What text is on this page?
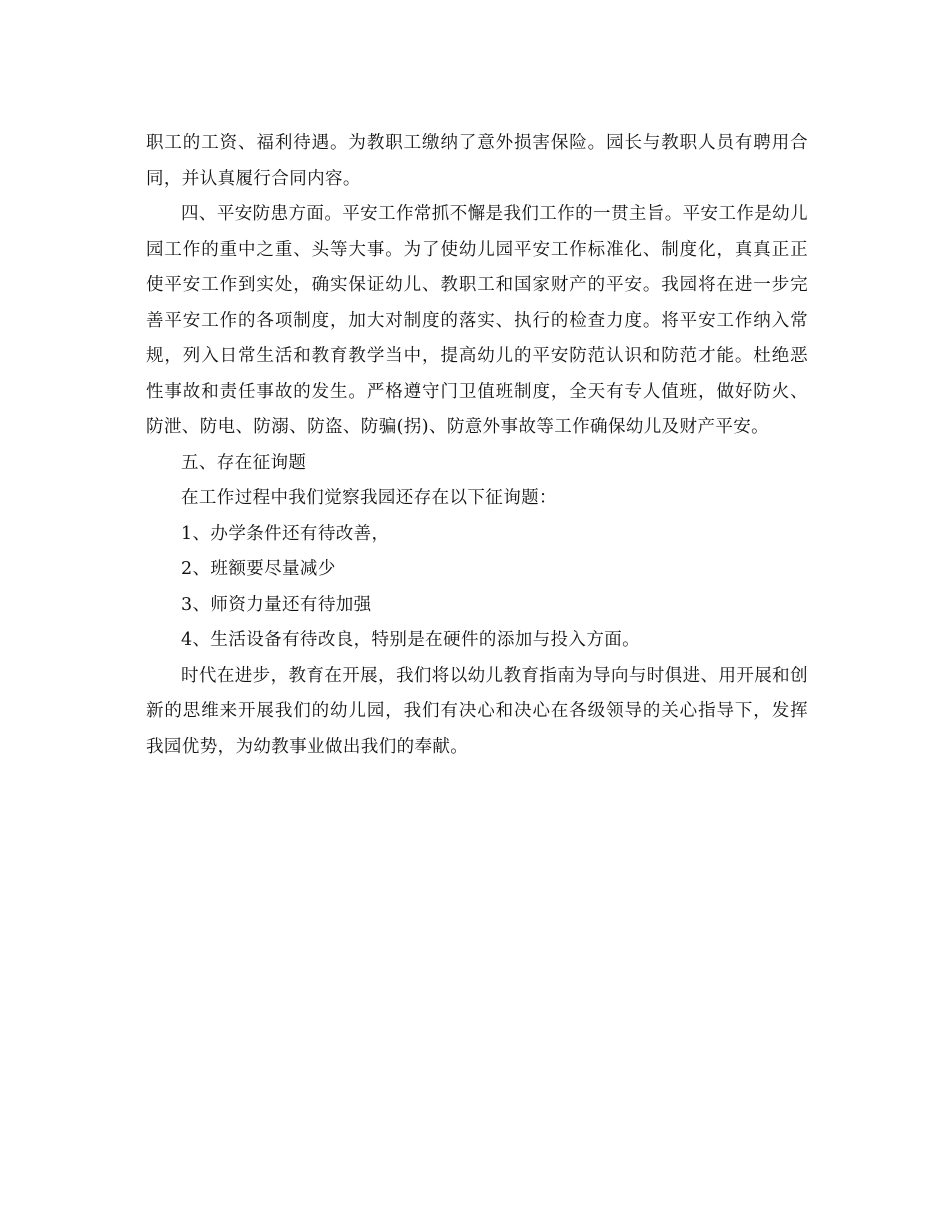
职工的工资、福利待遇。为教职工缴纳了意外损害保险。园长与教职人员有聘用合同，并认真履行合同内容。

四、平安防患方面。平安工作常抓不懈是我们工作的一贯主旨。平安工作是幼儿园工作的重中之重、头等大事。为了使幼儿园平安工作标准化、制度化，真真正正使平安工作到实处，确实保证幼儿、教职工和国家财产的平安。我园将在进一步完善平安工作的各项制度，加大对制度的落实、执行的检查力度。将平安工作纳入常规，列入日常生活和教育教学当中，提高幼儿的平安防范认识和防范才能。杜绝恶性事故和责任事故的发生。严格遵守门卫值班制度，全天有专人值班，做好防火、防泄、防电、防溺、防盗、防骗(拐)、防意外事故等工作确保幼儿及财产平安。

五、存在征询题

在工作过程中我们觉察我园还存在以下征询题：

1、办学条件还有待改善，

2、班额要尽量减少

3、师资力量还有待加强

4、生活设备有待改良，特别是在硬件的添加与投入方面。

时代在进步，教育在开展，我们将以幼儿教育指南为导向与时俱进、用开展和创新的思维来开展我们的幼儿园，我们有决心和决心在各级领导的关心指导下，发挥我园优势，为幼教事业做出我们的奉献。
